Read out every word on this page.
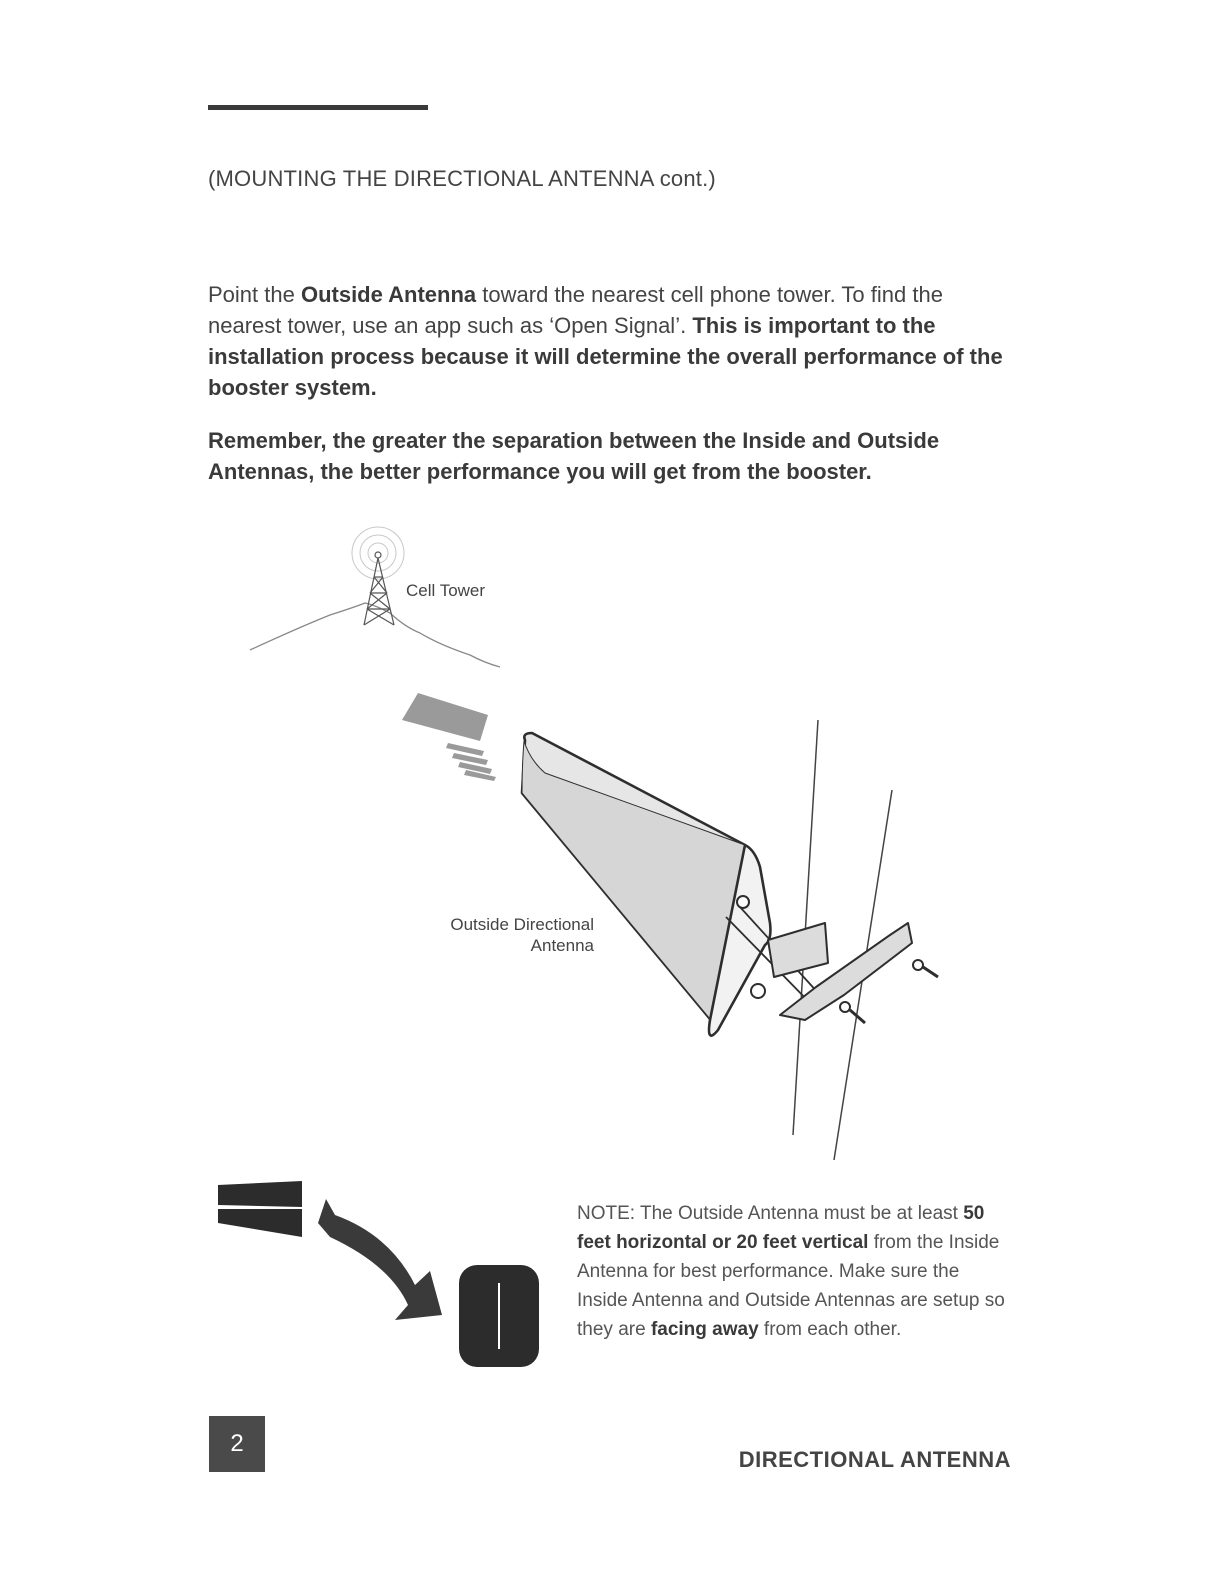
(MOUNTING THE DIRECTIONAL ANTENNA cont.)
Point the Outside Antenna toward the nearest cell phone tower. To find the nearest tower, use an app such as ‘Open Signal’. This is important to the installation process because it will determine the overall performance of the booster system.
Remember, the greater the separation between the Inside and Outside Antennas, the better performance you will get from the booster.
Cell Tower
Outside Directional
Antenna
NOTE: The Outside Antenna must be at least 50 feet horizontal or 20 feet vertical from the Inside Antenna for best performance. Make sure the Inside Antenna and Outside Antennas are setup so they are facing away from each other.
2
DIRECTIONAL ANTENNA
